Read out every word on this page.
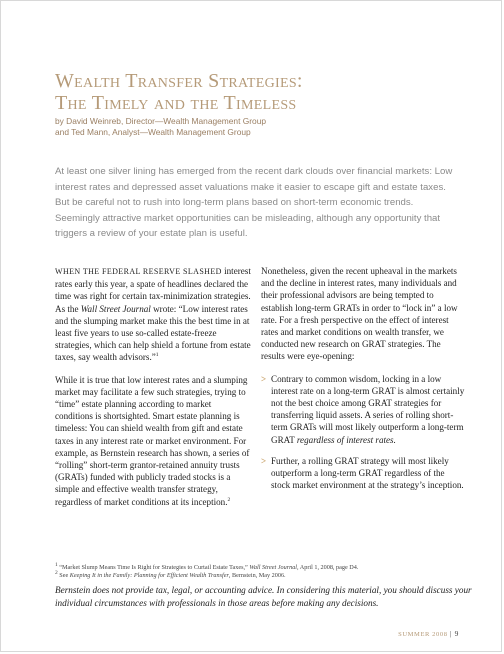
Wealth Transfer Strategies:
The Timely and the Timeless
by David Weinreb, Director—Wealth Management Group
and Ted Mann, Analyst—Wealth Management Group
At least one silver lining has emerged from the recent dark clouds over financial markets: Low interest rates and depressed asset valuations make it easier to escape gift and estate taxes. But be careful not to rush into long-term plans based on short-term economic trends. Seemingly attractive market opportunities can be misleading, although any opportunity that triggers a review of your estate plan is useful.

WHEN THE FEDERAL RESERVE SLASHED interest rates early this year, a spate of headlines declared the time was right for certain tax-minimization strategies. As the Wall Street Journal wrote: “Low interest rates and the slumping market make this the best time in at least five years to use so-called estate-freeze strategies, which can help shield a fortune from estate taxes, say wealth advisors.”$^1$

While it is true that low interest rates and a slumping market may facilitate a few such strategies, trying to “time” estate planning according to market conditions is shortsighted. Smart estate planning is timeless: You can shield wealth from gift and estate taxes in any interest rate or market environment. For example, as Bernstein research has shown, a series of “rolling” short-term grantor-retained annuity trusts (GRATs) funded with publicly traded stocks is a simple and effective wealth transfer strategy, regardless of market conditions at its inception.$^2$

Nonetheless, given the recent upheaval in the markets and the decline in interest rates, many individuals and their professional advisors are being tempted to establish long-term GRATs in order to “lock in” a low rate. For a fresh perspective on the effect of interest rates and market conditions on wealth transfer, we conducted new research on GRAT strategies. The results were eye-opening:

> Contrary to common wisdom, locking in a low interest rate on a long-term GRAT is almost certainly not the best choice among GRAT strategies for transferring liquid assets. A series of rolling short-term GRATs will most likely outperform a long-term GRAT regardless of interest rates.
> Further, a rolling GRAT strategy will most likely outperform a long-term GRAT regardless of the stock market environment at the strategy’s inception.
$^1$ “Market Slump Means Time Is Right for Strategies to Curtail Estate Taxes,” Wall Street Journal, April 1, 2008, page D4.
$^2$ See Keeping It in the Family: Planning for Efficient Wealth Transfer, Bernstein, May 2006.
Bernstein does not provide tax, legal, or accounting advice. In considering this material, you should discuss your individual circumstances with professionals in those areas before making any decisions.
SUMMER 2008 | 9
